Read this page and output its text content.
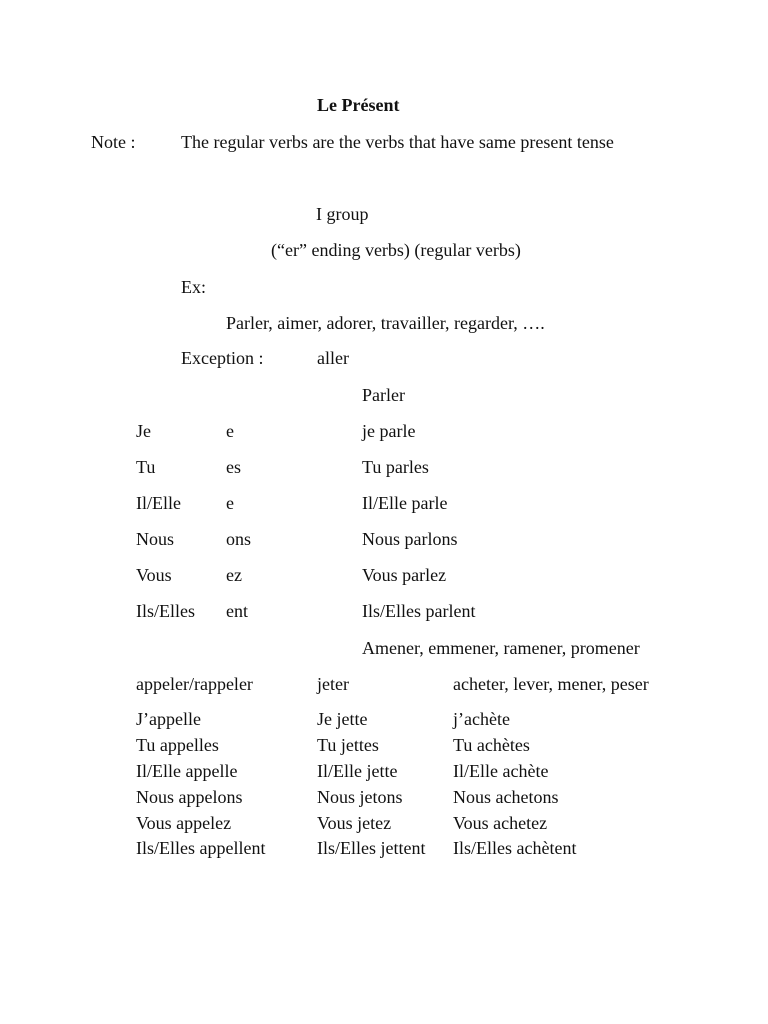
Le Présent
Note :	The regular verbs are the verbs that have same present tense
I group
(“er” ending verbs) (regular verbs)
Ex:
Parler, aimer, adorer, travailler, regarder, ….
Exception :	aller
Parler
Je	e	je parle
Tu	es	Tu parles
Il/Elle	e	Il/Elle parle
Nous	ons	Nous parlons
Vous	ez	Vous parlez
Ils/Elles ent	Ils/Elles parlent
Amener, emmener, ramener, promener
appeler/rappeler	jeter	acheter, lever, mener, peser
J’appelle	Je jette	j’achète
Tu appelles	Tu jettes	Tu achètes
Il/Elle appelle	Il/Elle jette	Il/Elle achète
Nous appelons	Nous jetons	Nous achetons
Vous appelez	Vous jetez	Vous achetez
Ils/Elles appellent	Ils/Elles jettent Ils/Elles achètent
